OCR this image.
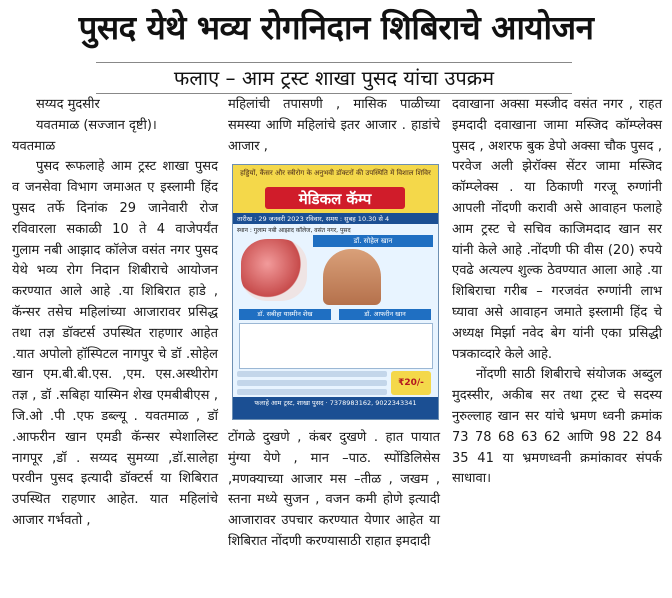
पुसद येथे भव्य रोगनिदान शिबिराचे आयोजन
फलाए – आम ट्रस्ट शाखा पुसद यांचा उपक्रम

सय्यद मुदसीर

यवतमाळ (सज्जान दृष्टी)।

यवतमाळ

पुसद रूफलाहे आम ट्रस्ट शाखा पुसद व जनसेवा विभाग जमाअत ए इस्लामी हिंद पुसद तर्फे दिनांक 29 जानेवारी रोज रविवारला सकाळी 10 ते 4 वाजेपर्यंत गुलाम नबी आझाद कॉलेज वसंत नगर पुसद येथे भव्य रोग निदान शिबीराचे आयोजन करण्यात आले आहे .या शिबिरात हाडे , कॅन्सर तसेच महिलांच्या आजारावर प्रसिद्ध तथा तज्ञ डॉक्टर्स उपस्थित राहणार आहेत .यात अपोलो हॉस्पिटल नागपुर चे डॉ .सोहेल खान एम.बी.बी.एस. ,एम. एस.अस्थीरोग तज्ञ , डॉ .सबिहा यास्मिन शेख एमबीबीएस , जि.ओ .पी .एफ डब्ल्यू . यवतमाळ , डॉ .आफरीन खान एमडी कॅन्सर स्पेशालिस्ट नागपूर ,डॉ . सय्यद सुमय्या ,डॉ.सालेहा परवीन पुसद इत्यादी डॉक्टर्स या शिबिरात उपस्थित राहणार आहेत. यात महिलांचे आजार गर्भवतो ,

महिलांची तपासणी , मासिक पाळीच्या समस्या आणि महिलांचे इतर आजार . हाडांचे आजार ,

हड्डियों, कैंसर और स्त्रीरोग के अनुभवी डॉक्टरों की उपस्थिति में विशाल शिविर
मेडिकल कॅम्प
तारीख : 29 जनवरी 2023 रविवार, समय : सुबह 10.30 से 4
स्थान : गुलाम नबी आझाद कॉलेज, वसंत नगर, पुसद
डॉ. सोहेल खान
डॉ. सबीहा यास्मीन शेख	डॉ. आफरीन खान
₹20/-
फलाहे आम ट्रस्ट, शाखा पुसद · 7378983162, 9022343341

टोंगळे दुखणे , कंबर दुखणे . हात पायात मुंग्या येणे , मान –पाठ. स्पोंडिलिसेस ,मणक्याच्या आजार मस –तीळ , जखम , स्तना मध्ये सुजन , वजन कमी होणे इत्यादी आजारावर उपचार करण्यात येणार आहेत या शिबिरात नोंदणी करण्यासाठी राहात इमदादी

दवाखाना अक्सा मस्जीद वसंत नगर , राहत इमदादी दवाखाना जामा मस्जिद कॉम्प्लेक्स पुसद , अशरफ बुक डेपो अक्सा चौक पुसद , परवेज अली झेरॉक्स सेंटर जामा मस्जिद कॉम्प्लेक्स . या ठिकाणी गरजू रुग्णांनी आपली नोंदणी करावी असे आवाहन फलाहे आम ट्रस्ट चे सचिव काजिमदाद खान सर यांनी केले आहे .नोंदणी फी वीस (20) रुपये एवढे अत्यल्प शुल्क ठेवण्यात आला आहे .या शिबिराचा गरीब – गरजवंत रुग्णांनी लाभ घ्यावा असे आवाहन जमाते इस्लामी हिंद चे अध्यक्ष मिर्झा नवेद बेग यांनी एका प्रसिद्धी पत्रकाव्दारे केले आहे.

नोंदणी साठी शिबीराचे संयोजक अब्दुल मुदस्सीर, अकीब सर तथा ट्रस्ट चे सदस्य नुरुल्लाह खान सर यांचे भ्रमण ध्वनी क्रमांक 73 78 68 63 62 आणि 98 22 84 35 41 या भ्रमणध्वनी क्रमांकावर संपर्क साधावा।
